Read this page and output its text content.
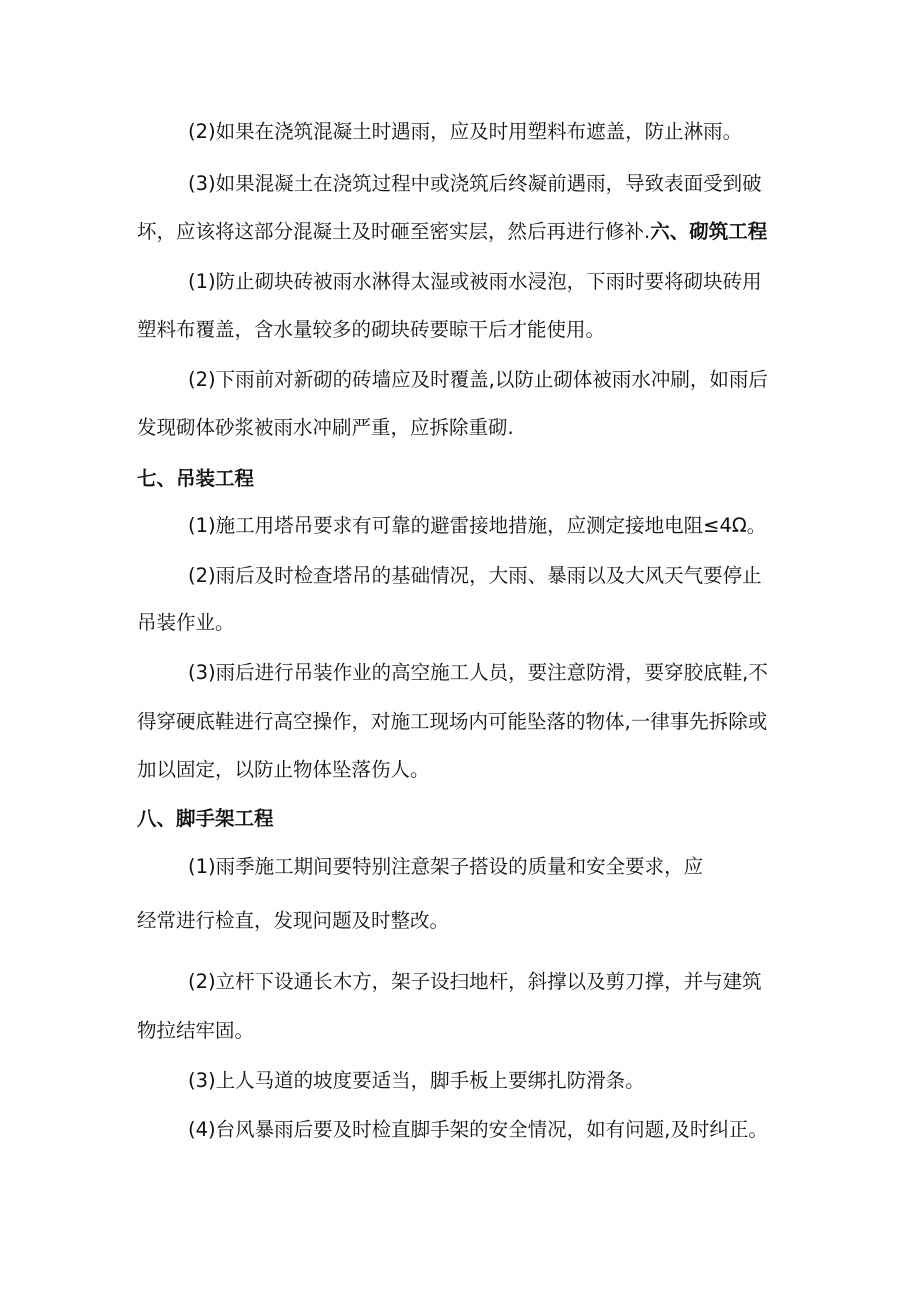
(2)如果在浇筑混凝土时遇雨，应及时用塑料布遮盖，防止淋雨。
(3)如果混凝土在浇筑过程中或浇筑后终凝前遇雨，导致表面受到破
坏，应该将这部分混凝土及时砸至密实层，然后再进行修补.六、砌筑工程
(1)防止砌块砖被雨水淋得太湿或被雨水浸泡，下雨时要将砌块砖用
塑料布覆盖，含水量较多的砌块砖要晾干后才能使用。
(2)下雨前对新砌的砖墙应及时覆盖,以防止砌体被雨水冲刷，如雨后
发现砌体砂浆被雨水冲刷严重，应拆除重砌.
七、吊装工程
(1)施工用塔吊要求有可靠的避雷接地措施，应测定接地电阻≤4Ω。
(2)雨后及时检查塔吊的基础情况，大雨、暴雨以及大风天气要停止
吊装作业。
(3)雨后进行吊装作业的高空施工人员，要注意防滑，要穿胶底鞋,不
得穿硬底鞋进行高空操作，对施工现场内可能坠落的物体,一律事先拆除或
加以固定，以防止物体坠落伤人。
八、脚手架工程
(1)雨季施工期间要特别注意架子搭设的质量和安全要求，应
经常进行检直，发现问题及时整改。
(2)立杆下设通长木方，架子设扫地杆，斜撑以及剪刀撑，并与建筑
物拉结牢固。
(3)上人马道的坡度要适当，脚手板上要绑扎防滑条。
(4)台风暴雨后要及时检直脚手架的安全情况，如有问题,及时纠正。
